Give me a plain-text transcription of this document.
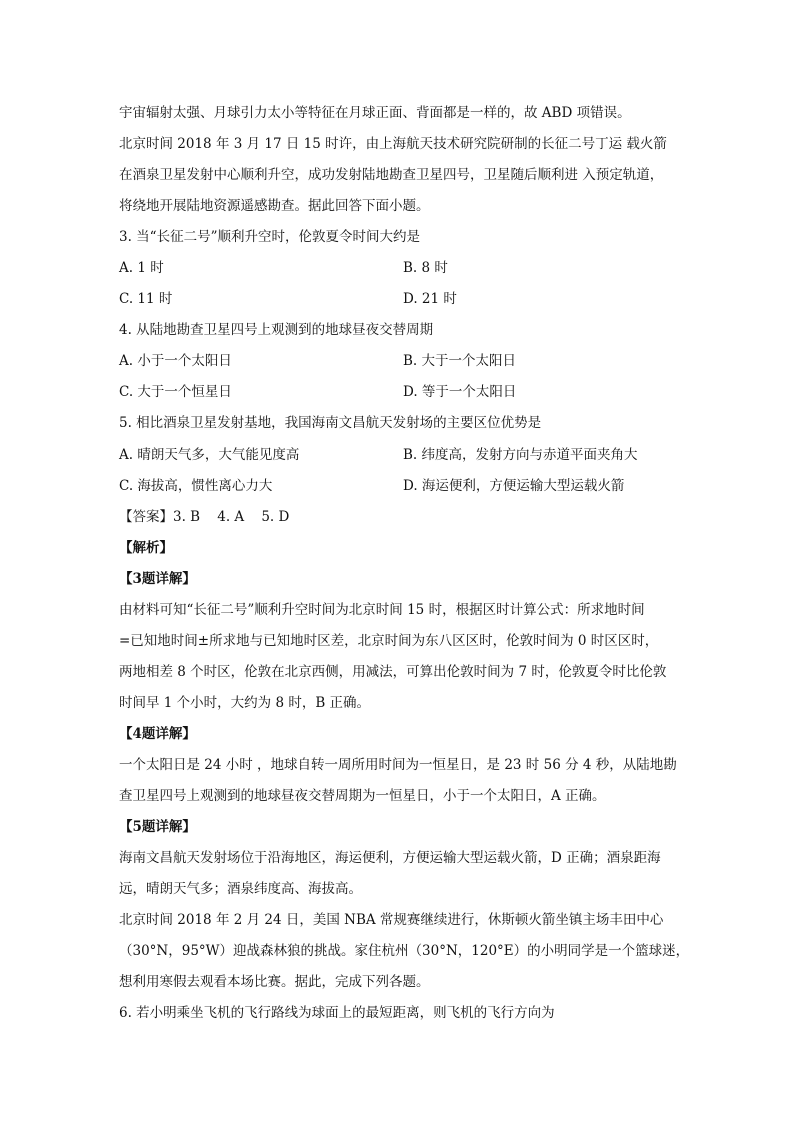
宇宙辐射太强、月球引力太小等特征在月球正面、背面都是一样的，故 ABD 项错误。
北京时间 2018 年 3 月 17 日 15 时许，由上海航天技术研究院研制的长征二号丁运 载火箭
在酒泉卫星发射中心顺利升空，成功发射陆地勘查卫星四号，卫星随后顺利进 入预定轨道，
将绕地开展陆地资源遥感勘查。据此回答下面小题。
3. 当“长征二号”顺利升空时，伦敦夏令时间大约是
A. 1 时	B. 8 时
C. 11 时	D. 21 时
4. 从陆地勘查卫星四号上观测到的地球昼夜交替周期
A. 小于一个太阳日	B. 大于一个太阳日
C. 大于一个恒星日	D. 等于一个太阳日
5. 相比酒泉卫星发射基地，我国海南文昌航天发射场的主要区位优势是
A. 晴朗天气多，大气能见度高	B. 纬度高，发射方向与赤道平面夹角大
C. 海拔高，惯性离心力大	D. 海运便利，方便运输大型运载火箭
【答案】3. B    4. A    5. D
【解析】
【3题详解】
由材料可知“长征二号”顺利升空时间为北京时间 15 时，根据区时计算公式：所求地时间
=已知地时间±所求地与已知地时区差，北京时间为东八区区时，伦敦时间为 0 时区区时，
两地相差 8 个时区，伦敦在北京西侧，用减法，可算出伦敦时间为 7 时，伦敦夏令时比伦敦
时间早 1 个小时，大约为 8 时，B 正确。
【4题详解】
一个太阳日是 24 小时 ，地球自转一周所用时间为一恒星日，是 23 时 56 分 4 秒，从陆地勘
查卫星四号上观测到的地球昼夜交替周期为一恒星日，小于一个太阳日，A 正确。
【5题详解】
海南文昌航天发射场位于沿海地区，海运便利，方便运输大型运载火箭，D 正确；酒泉距海
远，晴朗天气多；酒泉纬度高、海拔高。
北京时间 2018 年 2 月 24 日，美国 NBA 常规赛继续进行，休斯顿火箭坐镇主场丰田中心
（30°N，95°W）迎战森林狼的挑战。家住杭州（30°N，120°E）的小明同学是一个篮球迷，
想利用寒假去观看本场比赛。据此，完成下列各题。
6. 若小明乘坐飞机的飞行路线为球面上的最短距离，则飞机的飞行方向为
